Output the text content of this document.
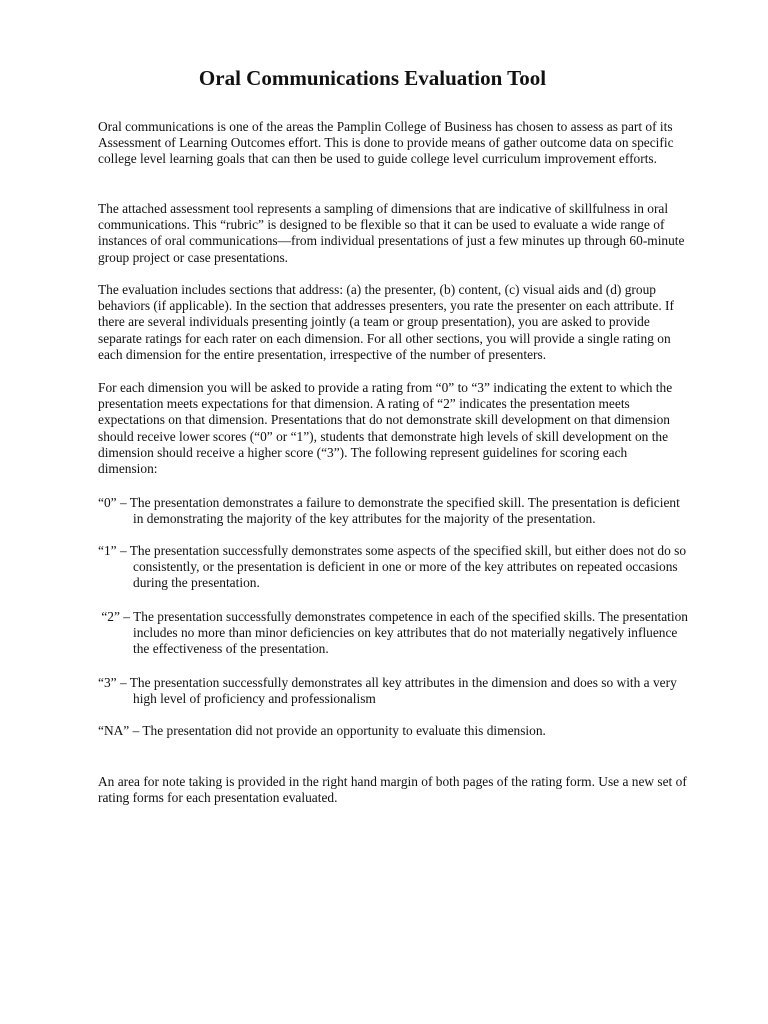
Oral Communications Evaluation Tool

Oral communications is one of the areas the Pamplin College of Business has chosen to assess as part of its Assessment of Learning Outcomes effort. This is done to provide means of gather outcome data on specific college level learning goals that can then be used to guide college level curriculum improvement efforts.

The attached assessment tool represents a sampling of dimensions that are indicative of skillfulness in oral communications. This “rubric” is designed to be flexible so that it can be used to evaluate a wide range of instances of oral communications—from individual presentations of just a few minutes up through 60-minute group project or case presentations.

The evaluation includes sections that address: (a) the presenter, (b) content, (c) visual aids and (d) group behaviors (if applicable). In the section that addresses presenters, you rate the presenter on each attribute. If there are several individuals presenting jointly (a team or group presentation), you are asked to provide separate ratings for each rater on each dimension. For all other sections, you will provide a single rating on each dimension for the entire presentation, irrespective of the number of presenters.

For each dimension you will be asked to provide a rating from “0” to “3” indicating the extent to which the presentation meets expectations for that dimension. A rating of “2” indicates the presentation meets expectations on that dimension. Presentations that do not demonstrate skill development on that dimension should receive lower scores (“0” or “1”), students that demonstrate high levels of skill development on the dimension should receive a higher score (“3”). The following represent guidelines for scoring each dimension:

“0” – The presentation demonstrates a failure to demonstrate the specified skill. The presentation is deficient in demonstrating the majority of the key attributes for the majority of the presentation.

“1” – The presentation successfully demonstrates some aspects of the specified skill, but either does not do so consistently, or the presentation is deficient in one or more of the key attributes on repeated occasions during the presentation.

“2” – The presentation successfully demonstrates competence in each of the specified skills. The presentation includes no more than minor deficiencies on key attributes that do not materially negatively influence the effectiveness of the presentation.

“3” – The presentation successfully demonstrates all key attributes in the dimension and does so with a very high level of proficiency and professionalism

“NA” – The presentation did not provide an opportunity to evaluate this dimension.

An area for note taking is provided in the right hand margin of both pages of the rating form. Use a new set of rating forms for each presentation evaluated.
